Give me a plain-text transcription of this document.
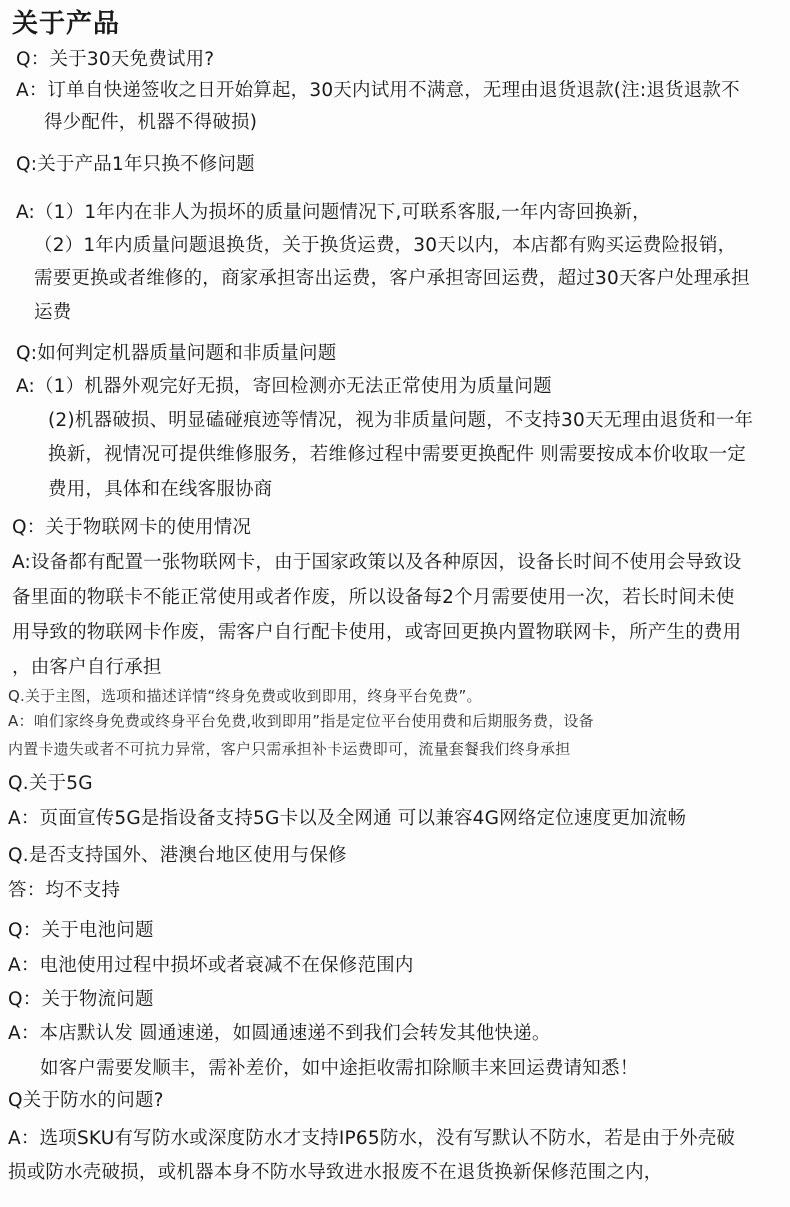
关于产品
Q：关于30天免费试用?
A：订单自快递签收之日开始算起，30天内试用不满意，无理由退货退款(注:退货退款不
得少配件，机器不得破损)
Q:关于产品1年只换不修问题
A:（1）1年内在非人为损坏的质量问题情况下,可联系客服,一年内寄回换新，
（2）1年内质量问题退换货，关于换货运费，30天以内，本店都有购买运费险报销，
需要更换或者维修的，商家承担寄出运费，客户承担寄回运费，超过30天客户处理承担
运费
Q:如何判定机器质量问题和非质量问题
A:（1）机器外观完好无损，寄回检测亦无法正常使用为质量问题
(2)机器破损、明显磕碰痕迹等情况，视为非质量问题，不支持30天无理由退货和一年
换新，视情况可提供维修服务，若维修过程中需要更换配件 则需要按成本价收取一定
费用，具体和在线客服协商
Q：关于物联网卡的使用情况
A:设备都有配置一张物联网卡，由于国家政策以及各种原因，设备长时间不使用会导致设
备里面的物联卡不能正常使用或者作废，所以设备每2个月需要使用一次，若长时间未使
用导致的物联网卡作废，需客户自行配卡使用，或寄回更换内置物联网卡，所产生的费用
，由客户自行承担
Q.关于主图，选项和描述详情“终身免费或收到即用，终身平台免费”。
A：咱们家终身免费或终身平台免费,收到即用”指是定位平台使用费和后期服务费，设备
内置卡遗失或者不可抗力异常，客户只需承担补卡运费即可，流量套餐我们终身承担
Q.关于5G
A：页面宣传5G是指设备支持5G卡以及全网通 可以兼容4G网络定位速度更加流畅
Q.是否支持国外、港澳台地区使用与保修
答：均不支持
Q：关于电池问题
A：电池使用过程中损坏或者衰减不在保修范围内
Q：关于物流问题
A：本店默认发 圆通速递，如圆通速递不到我们会转发其他快递。
如客户需要发顺丰，需补差价，如中途拒收需扣除顺丰来回运费请知悉！
Q关于防水的问题?
A：选项SKU有写防水或深度防水才支持IP65防水，没有写默认不防水，若是由于外壳破
损或防水壳破损，或机器本身不防水导致进水报废不在退货换新保修范围之内，
